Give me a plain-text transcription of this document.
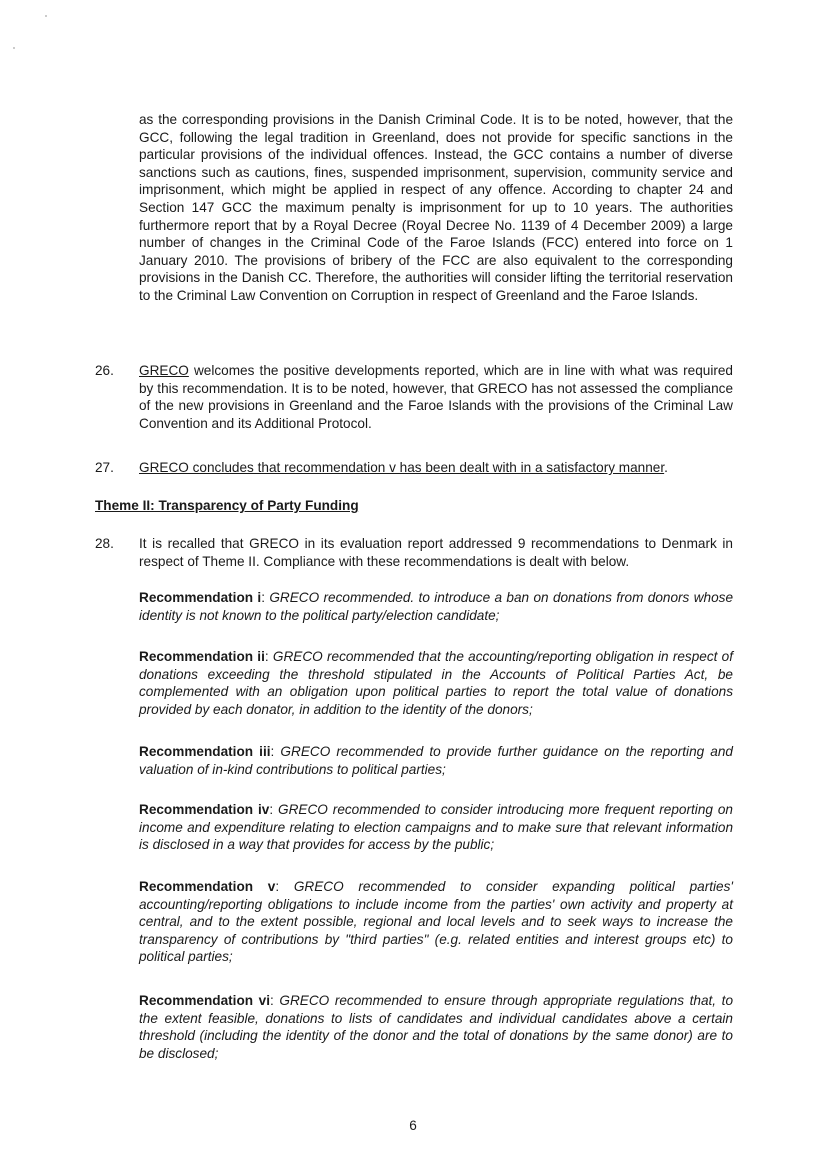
as the corresponding provisions in the Danish Criminal Code. It is to be noted, however, that the GCC, following the legal tradition in Greenland, does not provide for specific sanctions in the particular provisions of the individual offences. Instead, the GCC contains a number of diverse sanctions such as cautions, fines, suspended imprisonment, supervision, community service and imprisonment, which might be applied in respect of any offence. According to chapter 24 and Section 147 GCC the maximum penalty is imprisonment for up to 10 years. The authorities furthermore report that by a Royal Decree (Royal Decree No. 1139 of 4 December 2009) a large number of changes in the Criminal Code of the Faroe Islands (FCC) entered into force on 1 January 2010. The provisions of bribery of the FCC are also equivalent to the corresponding provisions in the Danish CC. Therefore, the authorities will consider lifting the territorial reservation to the Criminal Law Convention on Corruption in respect of Greenland and the Faroe Islands.
26. GRECO welcomes the positive developments reported, which are in line with what was required by this recommendation. It is to be noted, however, that GRECO has not assessed the compliance of the new provisions in Greenland and the Faroe Islands with the provisions of the Criminal Law Convention and its Additional Protocol.
27. GRECO concludes that recommendation v has been dealt with in a satisfactory manner.
Theme II: Transparency of Party Funding
28. It is recalled that GRECO in its evaluation report addressed 9 recommendations to Denmark in respect of Theme II. Compliance with these recommendations is dealt with below.
Recommendation i: GRECO recommended. to introduce a ban on donations from donors whose identity is not known to the political party/election candidate;
Recommendation ii: GRECO recommended that the accounting/reporting obligation in respect of donations exceeding the threshold stipulated in the Accounts of Political Parties Act, be complemented with an obligation upon political parties to report the total value of donations provided by each donator, in addition to the identity of the donors;
Recommendation iii: GRECO recommended to provide further guidance on the reporting and valuation of in-kind contributions to political parties;
Recommendation iv: GRECO recommended to consider introducing more frequent reporting on income and expenditure relating to election campaigns and to make sure that relevant information is disclosed in a way that provides for access by the public;
Recommendation v: GRECO recommended to consider expanding political parties' accounting/reporting obligations to include income from the parties' own activity and property at central, and to the extent possible, regional and local levels and to seek ways to increase the transparency of contributions by "third parties" (e.g. related entities and interest groups etc) to political parties;
Recommendation vi: GRECO recommended to ensure through appropriate regulations that, to the extent feasible, donations to lists of candidates and individual candidates above a certain threshold (including the identity of the donor and the total of donations by the same donor) are to be disclosed;
6
